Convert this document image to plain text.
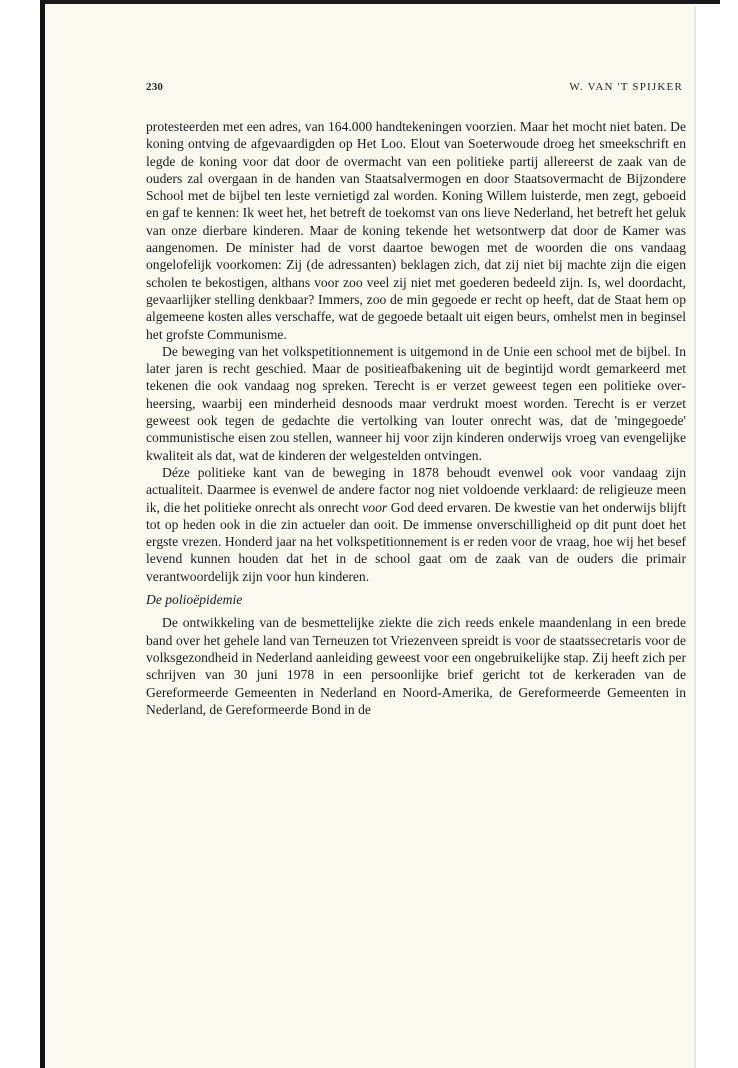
230	W. VAN 'T SPIJKER

protesteerden met een adres, van 164.000 handtekeningen voorzien. Maar het mocht niet baten. De koning ontving de afgevaardigden op Het Loo. Elout van Soeterwoude droeg het smeekschrift en legde de koning voor dat door de overmacht van een politieke partij allereerst de zaak van de ouders zal overgaan in de handen van Staatsalvermogen en door Staatsovermacht de Bijzondere School met de bijbel ten leste vernietigd zal worden. Koning Willem luisterde, men zegt, geboeid en gaf te kennen: Ik weet het, het betreft de toekomst van ons lieve Nederland, het betreft het geluk van onze dierbare kinderen. Maar de koning tekende het wetsontwerp dat door de Kamer was aangenomen. De minister had de vorst daartoe bewogen met de woorden die ons vandaag ongelofelijk voorkomen: Zij (de adressanten) beklagen zich, dat zij niet bij machte zijn die eigen scholen te bekostigen, althans voor zoo veel zij niet met goederen bedeeld zijn. Is, wel doordacht, gevaarlijker stelling denkbaar? Immers, zoo de min gegoede er recht op heeft, dat de Staat hem op algemeene kosten alles verschaffe, wat de gegoede betaalt uit eigen beurs, omhelst men in beginsel het grofste Communisme.

De beweging van het volkspetitionnement is uitgemond in de Unie een school met de bijbel. In later jaren is recht geschied. Maar de positieafbakening uit de begintijd wordt gemarkeerd met tekenen die ook vandaag nog spreken. Terecht is er verzet geweest tegen een politieke overheersing, waarbij een minderheid desnoods maar verdrukt moest worden. Terecht is er verzet geweest ook tegen de gedachte die vertolking van louter onrecht was, dat de 'mingegoede' communistische eisen zou stellen, wanneer hij voor zijn kinderen onderwijs vroeg van evengelijke kwaliteit als dat, wat de kinderen der welgestelden ontvingen.

Déze politieke kant van de beweging in 1878 behoudt evenwel ook voor vandaag zijn actualiteit. Daarmee is evenwel de andere factor nog niet voldoende verklaard: de religieuze meen ik, die het politieke onrecht als onrecht voor God deed ervaren. De kwestie van het onderwijs blijft tot op heden ook in die zin actueler dan ooit. De immense onverschilligheid op dit punt doet het ergste vrezen. Honderd jaar na het volkspetitionnement is er reden voor de vraag, hoe wij het besef levend kunnen houden dat het in de school gaat om de zaak van de ouders die primair verantwoordelijk zijn voor hun kinderen.

De polioëpidemie

De ontwikkeling van de besmettelijke ziekte die zich reeds enkele maandenlang in een brede band over het gehele land van Terneuzen tot Vriezenveen spreidt is voor de staatssecretaris voor de volksgezondheid in Nederland aanleiding geweest voor een ongebruikelijke stap. Zij heeft zich per schrijven van 30 juni 1978 in een persoonlijke brief gericht tot de kerkeraden van de Gereformeerde Gemeenten in Nederland en Noord-Amerika, de Gereformeerde Gemeenten in Nederland, de Gereformeerde Bond in de
